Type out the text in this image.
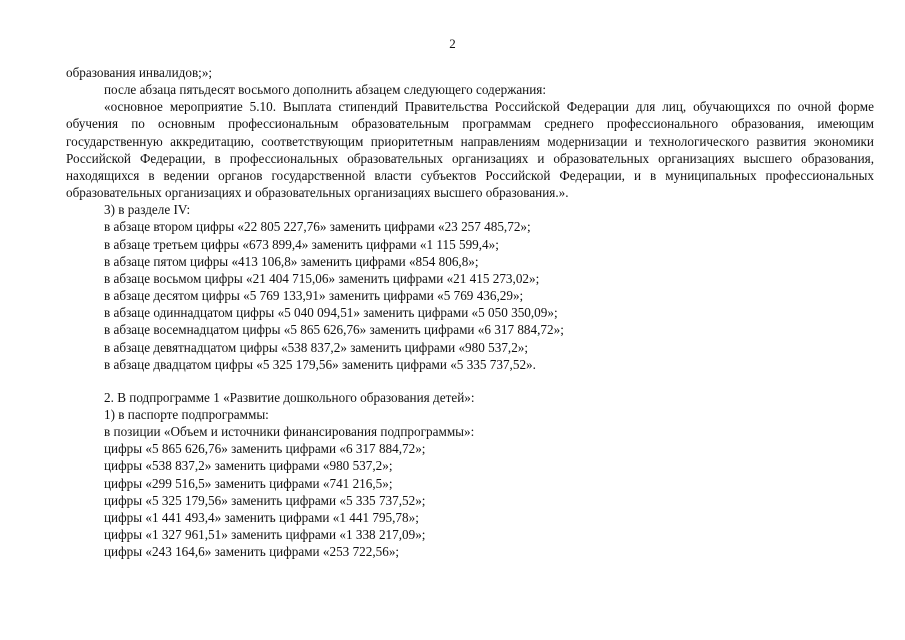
2

образования инвалидов;»;

после абзаца пятьдесят восьмого дополнить абзацем следующего содержания:

«основное мероприятие 5.10. Выплата стипендий Правительства Российской Федерации для лиц, обучающихся по очной форме обучения по основным профессиональным образовательным программам среднего профессионального образования, имеющим государственную аккредитацию, соответствующим приоритетным направлениям модернизации и технологического развития экономики Российской Федерации, в профессиональных образовательных организациях и образовательных организациях высшего образования, находящихся в ведении органов государственной власти субъектов Российской Федерации, и в муниципальных профессиональных образовательных организациях и образовательных организациях высшего образования.».

3) в разделе IV:

в абзаце втором цифры «22 805 227,76» заменить цифрами «23 257 485,72»;

в абзаце третьем цифры «673 899,4» заменить цифрами «1 115 599,4»;

в абзаце пятом цифры «413 106,8» заменить цифрами «854 806,8»;

в абзаце восьмом цифры «21 404 715,06» заменить цифрами «21 415 273,02»;

в абзаце десятом цифры «5 769 133,91» заменить цифрами «5 769 436,29»;

в абзаце одиннадцатом цифры «5 040 094,51» заменить цифрами «5 050 350,09»;

в абзаце восемнадцатом цифры «5 865 626,76» заменить цифрами «6 317 884,72»;

в абзаце девятнадцатом цифры «538 837,2» заменить цифрами «980 537,2»;

в абзаце двадцатом цифры «5 325 179,56» заменить цифрами «5 335 737,52».

2. В подпрограмме 1 «Развитие дошкольного образования детей»:

1) в паспорте подпрограммы:

в позиции «Объем и источники финансирования подпрограммы»:

цифры «5 865 626,76» заменить цифрами «6 317 884,72»;

цифры «538 837,2» заменить цифрами «980 537,2»;

цифры «299 516,5» заменить цифрами «741 216,5»;

цифры «5 325 179,56» заменить цифрами «5 335 737,52»;

цифры «1 441 493,4» заменить цифрами «1 441 795,78»;

цифры «1 327 961,51» заменить цифрами «1 338 217,09»;

цифры «243 164,6» заменить цифрами «253 722,56»;
